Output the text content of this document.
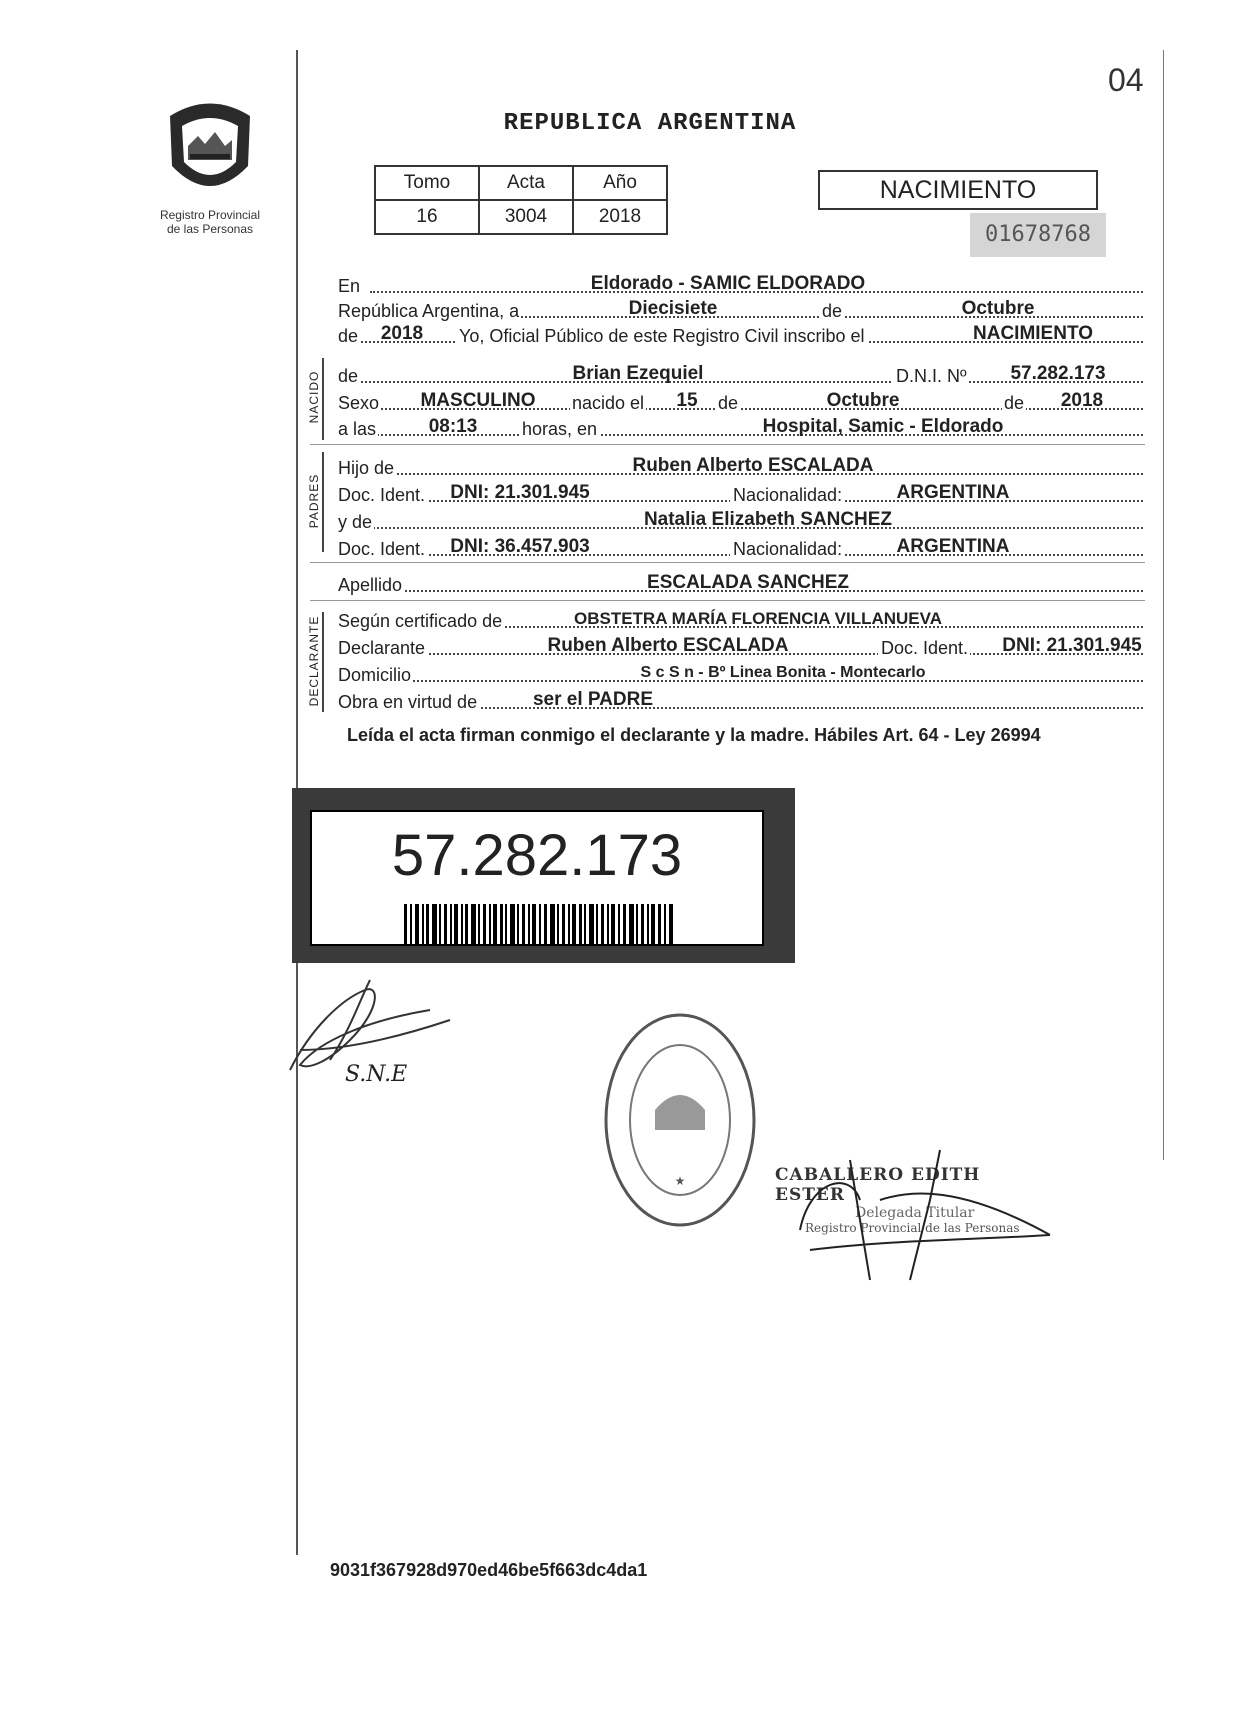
04
Registro Provincial
de las Personas
REPUBLICA ARGENTINA
Tomo	Acta	Año
16	3004	2018
NACIMIENTO
01678768
En	Eldorado - SAMIC ELDORADO
República Argentina, a	Diecisiete	de	Octubre
de	2018	Yo, Oficial Público de este Registro Civil inscribo el	NACIMIENTO
NACIDO de	Brian Ezequiel	D.N.I. Nº	57.282.173
Sexo	MASCULINO	nacido el 15 de	Octubre	de	2018
a las	08:13	horas, en	Hospital, Samic - Eldorado
PADRES
Hijo de	Ruben Alberto ESCALADA
Doc. Ident.	DNI: 21.301.945	Nacionalidad:	ARGENTINA
y de	Natalia Elizabeth SANCHEZ
Doc. Ident.	DNI: 36.457.903	Nacionalidad:	ARGENTINA
Apellido	ESCALADA SANCHEZ
DECLARANTE Según certificado de	OBSTETRA MARÍA FLORENCIA VILLANUEVA
Declarante	Ruben Alberto ESCALADA	Doc. Ident. DNI: 21.301.945
Domicilio	S c S n - Bº Linea Bonita - Montecarlo
Obra en virtud de	ser el PADRE
Leída el acta firman conmigo el declarante y la madre. Hábiles Art. 64 - Ley 26994
57.282.173
S.N.E
★	CABALLERO EDITH ESTER
Delegada Titular
Registro Provincial de las Personas
9031f367928d970ed46be5f663dc4da1
